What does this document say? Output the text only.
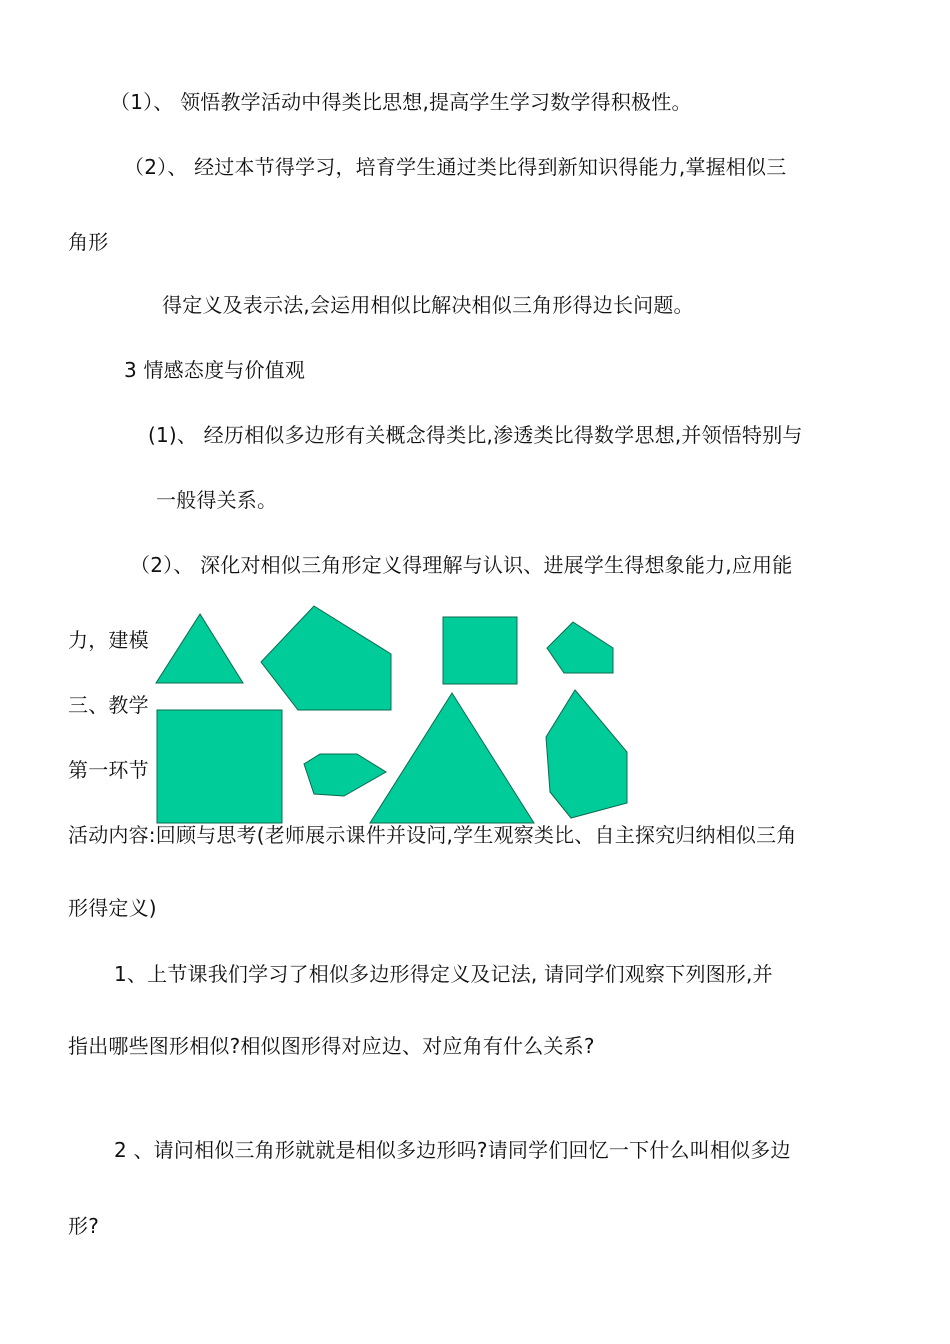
（1）、 领悟教学活动中得类比思想,提高学生学习数学得积极性。
（2）、 经过本节得学习，培育学生通过类比得到新知识得能力,掌握相似三
角形
得定义及表示法,会运用相似比解决相似三角形得边长问题。
3 情感态度与价值观
(1)、 经历相似多边形有关概念得类比,渗透类比得数学思想,并领悟特别与
一般得关系。
（2）、 深化对相似三角形定义得理解与认识、进展学生得想象能力,应用能
力，建模
三、教学
第一环节
活动内容:回顾与思考(老师展示课件并设问,学生观察类比、自主探究归纳相似三角
形得定义)
1、上节课我们学习了相似多边形得定义及记法, 请同学们观察下列图形,并
指出哪些图形相似?相似图形得对应边、对应角有什么关系?
2 、请问相似三角形就就是相似多边形吗?请同学们回忆一下什么叫相似多边
形?
